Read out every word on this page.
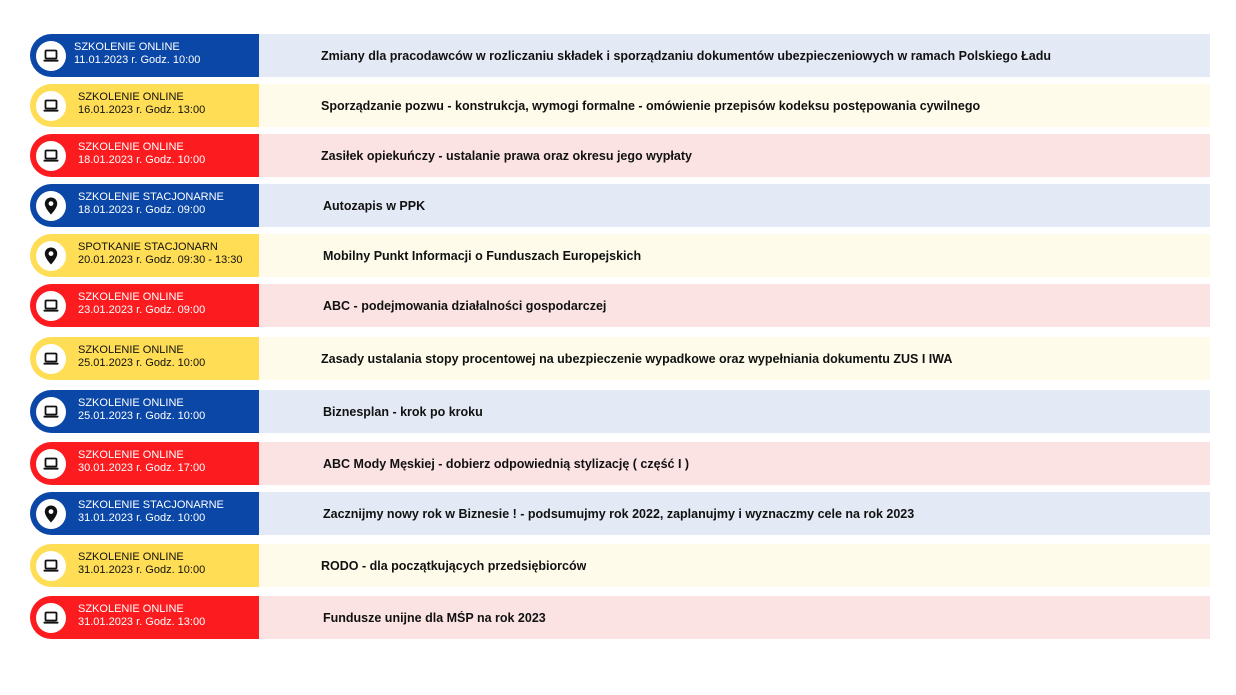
SZKOLENIE ONLINE
11.01.2023 r. Godz. 10:00	Zmiany dla pracodawców w rozliczaniu składek i sporządzaniu dokumentów ubezpieczeniowych w ramach Polskiego Ładu
SZKOLENIE ONLINE
16.01.2023 r. Godz. 13:00	Sporządzanie pozwu - konstrukcja, wymogi formalne - omówienie przepisów kodeksu postępowania cywilnego
SZKOLENIE ONLINE
18.01.2023 r. Godz. 10:00	Zasiłek opiekuńczy - ustalanie prawa oraz okresu jego wypłaty
SZKOLENIE STACJONARNE
18.01.2023 r. Godz. 09:00	Autozapis w PPK
SPOTKANIE STACJONARN
20.01.2023 r. Godz. 09:30 - 13:30	Mobilny Punkt Informacji o Funduszach Europejskich
SZKOLENIE ONLINE
23.01.2023 r. Godz. 09:00	ABC - podejmowania działalności gospodarczej
SZKOLENIE ONLINE
25.01.2023 r. Godz. 10:00	Zasady ustalania stopy procentowej na ubezpieczenie wypadkowe oraz wypełniania dokumentu ZUS I IWA
SZKOLENIE ONLINE
25.01.2023 r. Godz. 10:00	Biznesplan - krok po kroku
SZKOLENIE ONLINE
30.01.2023 r. Godz. 17:00	ABC Mody Męskiej - dobierz odpowiednią stylizację ( część I )
SZKOLENIE STACJONARNE
31.01.2023 r. Godz. 10:00	Zacznijmy nowy rok w Biznesie ! - podsumujmy rok 2022, zaplanujmy i wyznaczmy cele na rok 2023
SZKOLENIE ONLINE
31.01.2023 r. Godz. 10:00	RODO - dla początkujących przedsiębiorców
SZKOLENIE ONLINE
31.01.2023 r. Godz. 13:00	Fundusze unijne dla MŚP na rok 2023
